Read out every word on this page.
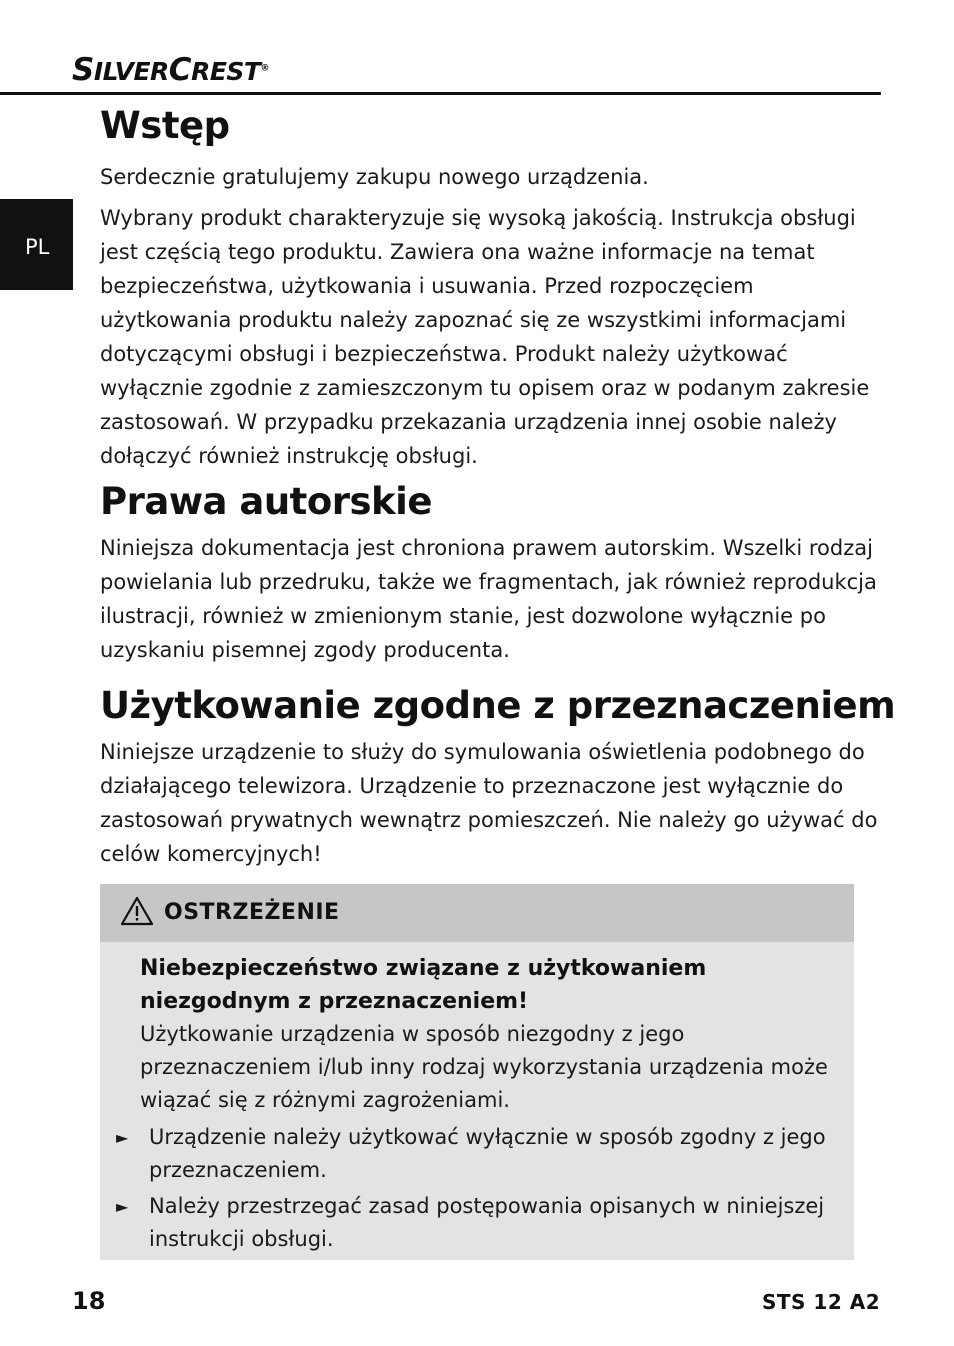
SILVERCREST®
PL
Wstęp

Serdecznie gratulujemy zakupu nowego urządzenia.

Wybrany produkt charakteryzuje się wysoką jakością. Instrukcja obsługi jest częścią tego produktu. Zawiera ona ważne informacje na temat bezpieczeństwa, użytkowania i usuwania. Przed rozpoczęciem użytkowania produktu należy zapoznać się ze wszystkimi informacjami dotyczącymi obsługi i bezpieczeństwa. Produkt należy użytkować wyłącznie zgodnie z zamieszczonym tu opisem oraz w podanym zakresie zastosowań. W przypadku przekazania urządzenia innej osobie należy dołączyć również instrukcję obsługi.

Prawa autorskie

Niniejsza dokumentacja jest chroniona prawem autorskim. Wszelki rodzaj powielania lub przedruku, także we fragmentach, jak również reprodukcja ilustracji, również w zmienionym stanie, jest dozwolone wyłącznie po uzyskaniu pisemnej zgody producenta.

Użytkowanie zgodne z przeznaczeniem

Niniejsze urządzenie to służy do symulowania oświetlenia podobnego do działającego telewizora. Urządzenie to przeznaczone jest wyłącznie do zastosowań prywatnych wewnątrz pomieszczeń. Nie należy go używać do celów komercyjnych!

OSTRZEŻENIE
Niebezpieczeństwo związane z użytkowaniem niezgodnym z przeznaczeniem!
Użytkowanie urządzenia w sposób niezgodny z jego przeznaczeniem i/lub inny rodzaj wykorzystania urządzenia może wiązać się z różnymi zagrożeniami.
► Urządzenie należy użytkować wyłącznie w sposób zgodny z jego przeznaczeniem.
► Należy przestrzegać zasad postępowania opisanych w niniejszej instrukcji obsługi.
18	STS 12 A2
